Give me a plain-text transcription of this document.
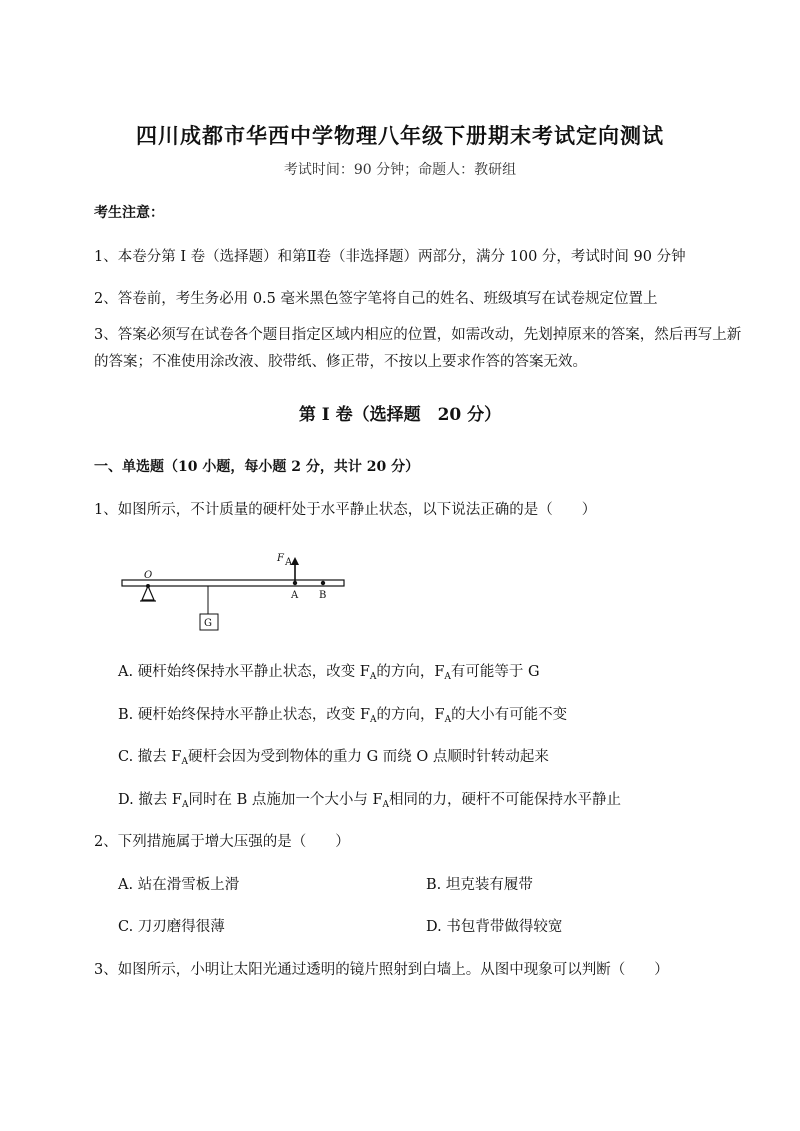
四川成都市华西中学物理八年级下册期末考试定向测试
考试时间：90 分钟；命题人：教研组
考生注意：
1、本卷分第 I 卷（选择题）和第Ⅱ卷（非选择题）两部分，满分 100 分，考试时间 90 分钟
2、答卷前，考生务必用 0.5 毫米黑色签字笔将自己的姓名、班级填写在试卷规定位置上
3、答案必须写在试卷各个题目指定区域内相应的位置，如需改动，先划掉原来的答案，然后再写上新的答案；不准使用涂改液、胶带纸、修正带，不按以上要求作答的答案无效。
第 I 卷（选择题　20 分）
一、单选题（10 小题，每小题 2 分，共计 20 分）
1、如图所示，不计质量的硬杆处于水平静止状态，以下说法正确的是（　　）
O
G
F A
A B
A. 硬杆始终保持水平静止状态，改变 $F_A$的方向，$F_A$有可能等于 G
B. 硬杆始终保持水平静止状态，改变 $F_A$的方向，$F_A$的大小有可能不变
C. 撤去 $F_A$硬杆会因为受到物体的重力 G 而绕 O 点顺时针转动起来
D. 撤去 $F_A$同时在 B 点施加一个大小与 $F_A$相同的力，硬杆不可能保持水平静止
2、下列措施属于增大压强的是（　　）
A. 站在滑雪板上滑	B. 坦克装有履带
C. 刀刃磨得很薄	D. 书包背带做得较宽
3、如图所示，小明让太阳光通过透明的镜片照射到白墙上。从图中现象可以判断（　　）
